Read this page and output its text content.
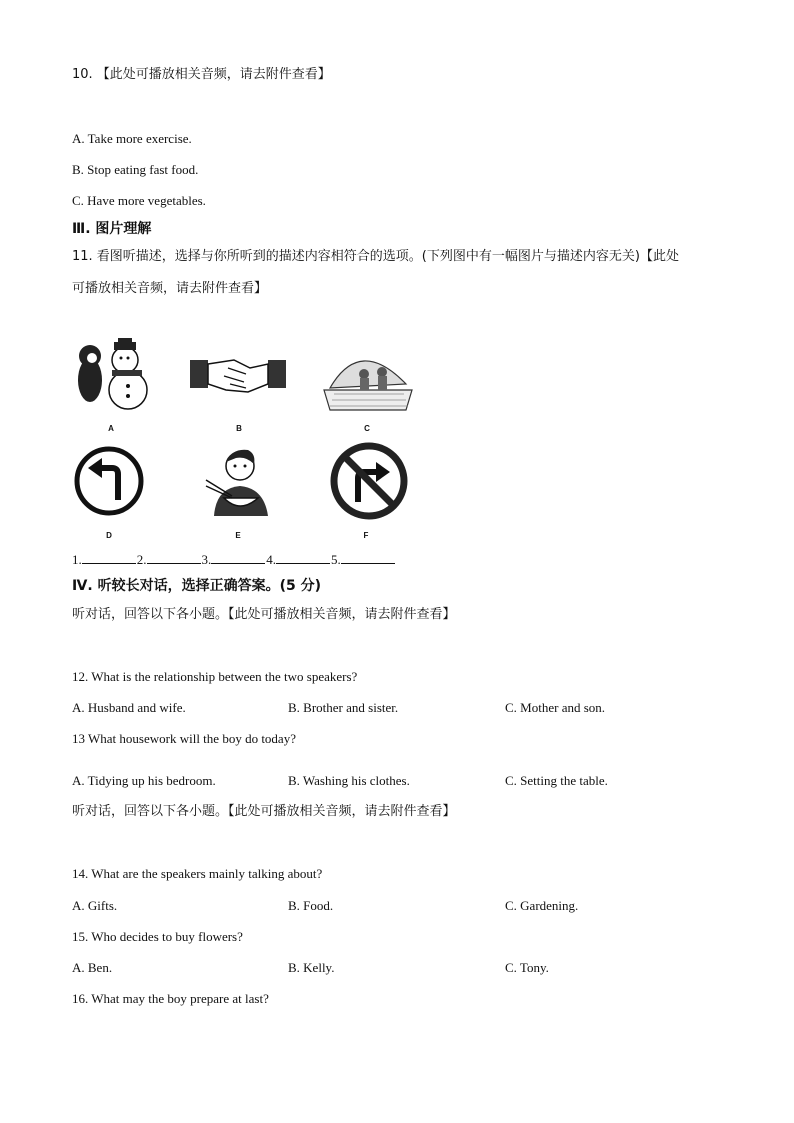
10. 【此处可播放相关音频，请去附件查看】
A. Take more exercise.
B. Stop eating fast food.
C. Have more vegetables.
Ⅲ. 图片理解
11. 看图听描述，选择与你所听到的描述内容相符合的选项。(下列图中有一幅图片与描述内容无关)【此处
可播放相关音频，请去附件查看】
A	B	C
D	E	F
1.	2.	3.	4.	5.
Ⅳ. 听较长对话，选择正确答案。(5 分)
听对话，回答以下各小题。【此处可播放相关音频，请去附件查看】
12. What is the relationship between the two speakers?
A. Husband and wife.	B. Brother and sister.	C. Mother and son.
13 What housework will the boy do today?
A. Tidying up his bedroom.	B. Washing his clothes.	C. Setting the table.
听对话，回答以下各小题。【此处可播放相关音频，请去附件查看】
14. What are the speakers mainly talking about?
A. Gifts.	B. Food.	C. Gardening.
15. Who decides to buy flowers?
A. Ben.	B. Kelly.	C. Tony.
16. What may the boy prepare at last?
